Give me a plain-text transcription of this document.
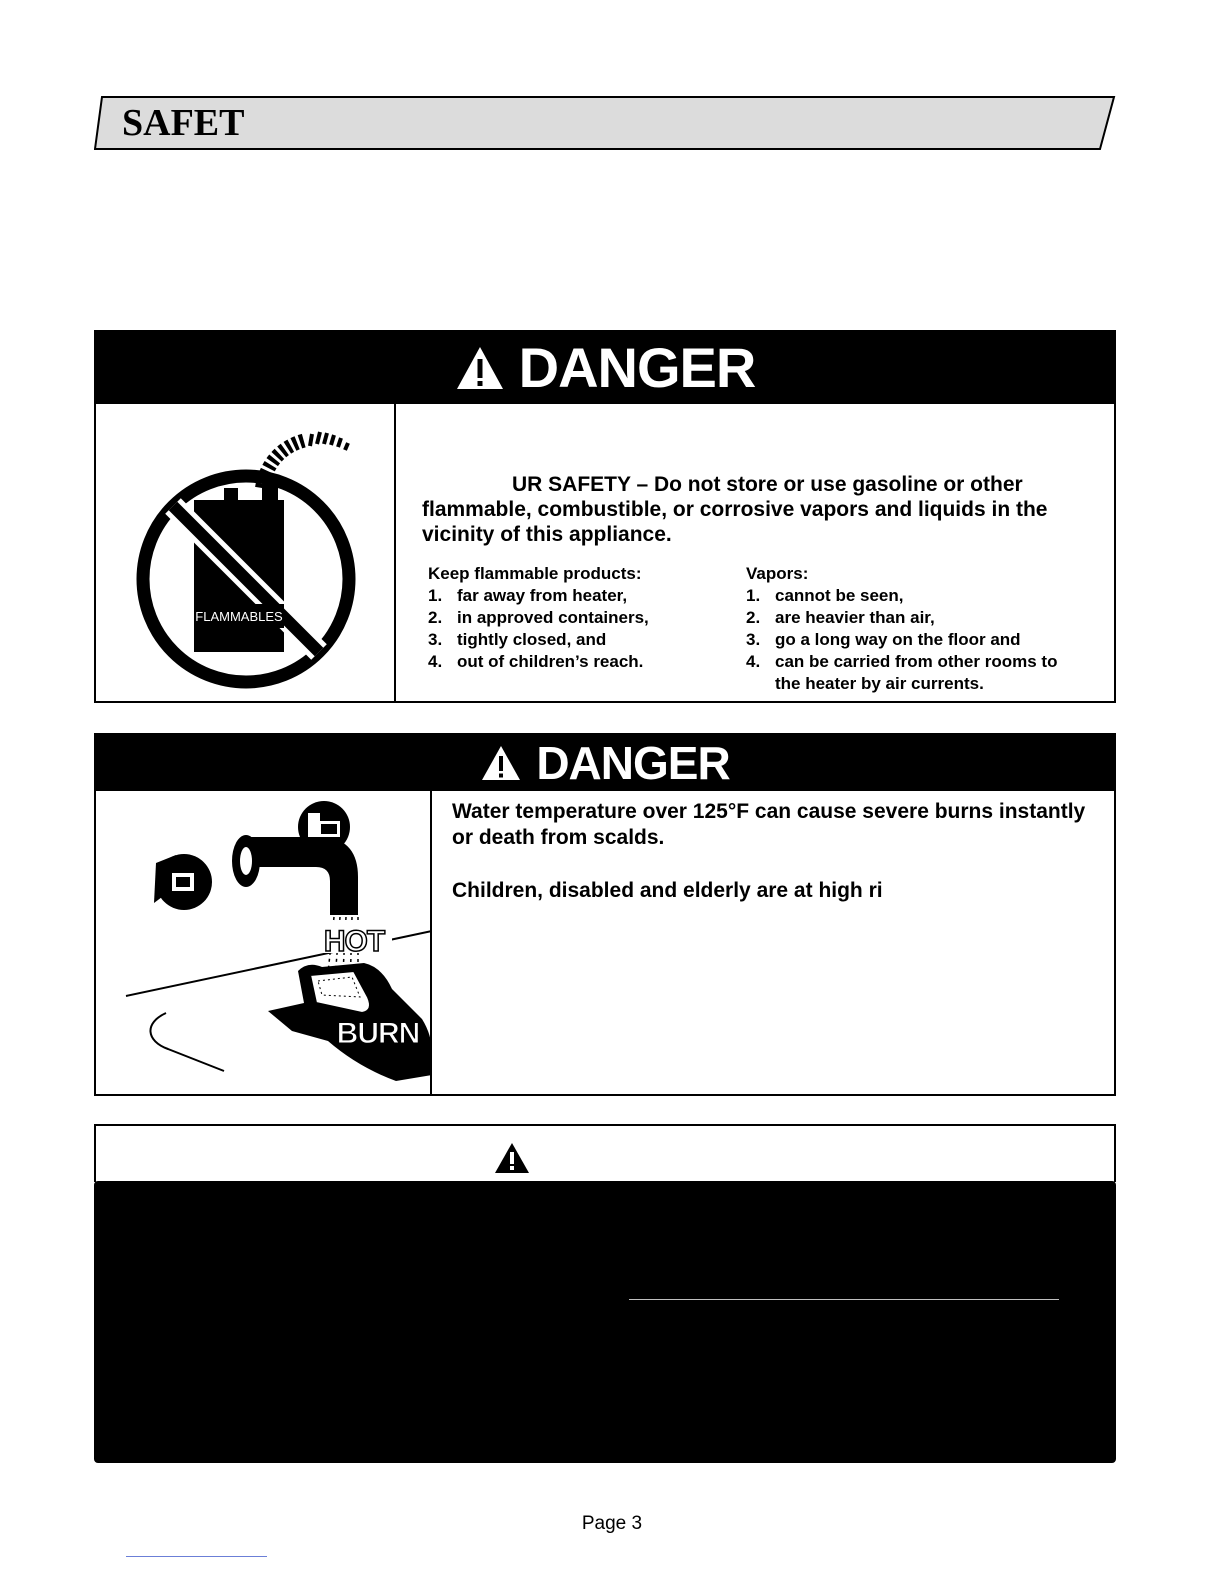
SAFET
DANGER
FLAMMABLES
UR SAFETY – Do not store or use gasoline or other flammable, combustible, or corrosive vapors and liquids in the vicinity of this appliance.
Keep flammable products:
1. far away from heater,
2. in approved containers,
3. tightly closed, and
4. out of children’s reach.
Vapors:
1. cannot be seen,
2. are heavier than air,
3. go a long way on the floor and
4. can be carried from other rooms to the heater by air currents.
DANGER
HOT
BURN
Water temperature over 125°F can cause severe burns instantly or death from scalds.
Children, disabled and elderly are at high ri
Page 3
